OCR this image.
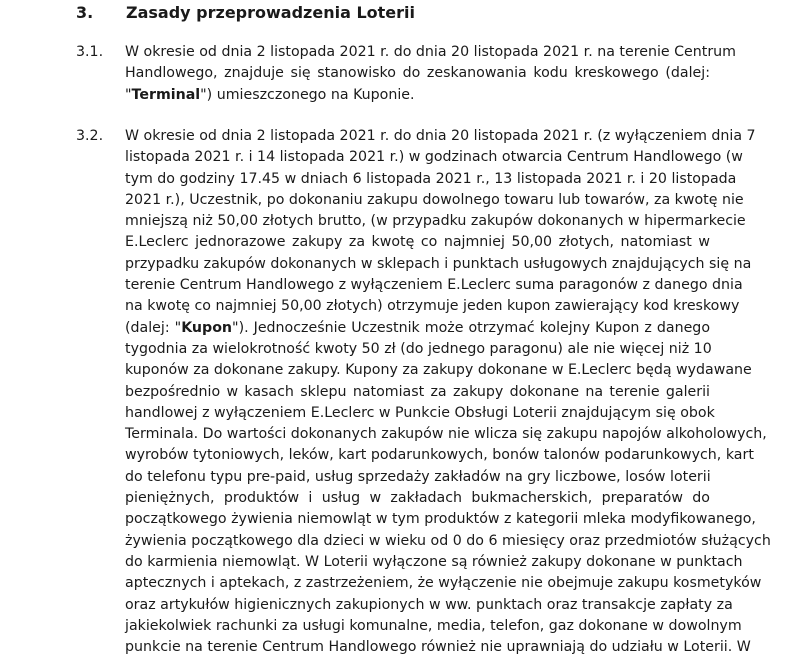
3. Zasady przeprowadzenia Loterii
3.1. W okresie od dnia 2 listopada 2021 r. do dnia 20 listopada 2021 r. na terenie Centrum
Handlowego, znajduje się stanowisko do zeskanowania kodu kreskowego (dalej:
"Terminal") umieszczonego na Kuponie.
3.2. W okresie od dnia 2 listopada 2021 r. do dnia 20 listopada 2021 r. (z wyłączeniem dnia 7
listopada 2021 r. i 14 listopada 2021 r.) w godzinach otwarcia Centrum Handlowego (w
tym do godziny 17.45 w dniach 6 listopada 2021 r., 13 listopada 2021 r. i 20 listopada
2021 r.), Uczestnik, po dokonaniu zakupu dowolnego towaru lub towarów, za kwotę nie
mniejszą niż 50,00 złotych brutto, (w przypadku zakupów dokonanych w hipermarkecie
E.Leclerc jednorazowe zakupy za kwotę co najmniej 50,00 złotych, natomiast w
przypadku zakupów dokonanych w sklepach i punktach usługowych znajdujących się na
terenie Centrum Handlowego z wyłączeniem E.Leclerc suma paragonów z danego dnia
na kwotę co najmniej 50,00 złotych) otrzymuje jeden kupon zawierający kod kreskowy
(dalej: "Kupon"). Jednocześnie Uczestnik może otrzymać kolejny Kupon z danego
tygodnia za wielokrotność kwoty 50 zł (do jednego paragonu) ale nie więcej niż 10
kuponów za dokonane zakupy. Kupony za zakupy dokonane w E.Leclerc będą wydawane
bezpośrednio w kasach sklepu natomiast za zakupy dokonane na terenie galerii
handlowej z wyłączeniem E.Leclerc w Punkcie Obsługi Loterii znajdującym się obok
Terminala. Do wartości dokonanych zakupów nie wlicza się zakupu napojów alkoholowych,
wyrobów tytoniowych, leków, kart podarunkowych, bonów talonów podarunkowych, kart
do telefonu typu pre-paid, usług sprzedaży zakładów na gry liczbowe, losów loterii
pieniężnych, produktów i usług w zakładach bukmacherskich, preparatów do
początkowego żywienia niemowląt w tym produktów z kategorii mleka modyfikowanego,
żywienia początkowego dla dzieci w wieku od 0 do 6 miesięcy oraz przedmiotów służących
do karmienia niemowląt. W Loterii wyłączone są również zakupy dokonane w punktach
aptecznych i aptekach, z zastrzeżeniem, że wyłączenie nie obejmuje zakupu kosmetyków
oraz artykułów higienicznych zakupionych w ww. punktach oraz transakcje zapłaty za
jakiekolwiek rachunki za usługi komunalne, media, telefon, gaz dokonane w dowolnym
punkcie na terenie Centrum Handlowego również nie uprawniają do udziału w Loterii. W
